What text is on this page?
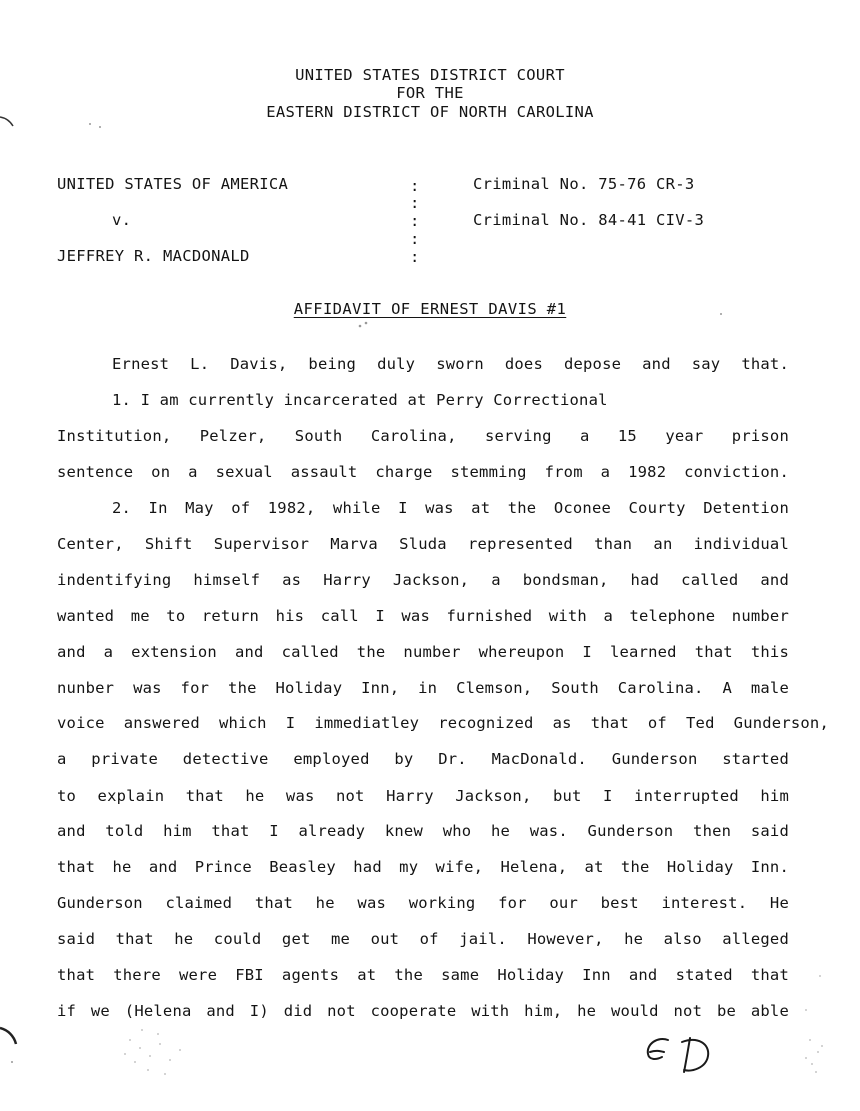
UNITED STATES DISTRICT COURT
FOR THE
EASTERN DISTRICT OF NORTH CAROLINA
UNITED STATES OF AMERICA
v.
JEFFREY R. MACDONALD
:
:
:
:
:
Criminal No. 75-76 CR-3
Criminal No. 84-41 CIV-3
AFFIDAVIT OF ERNEST DAVIS #1
Ernest L. Davis, being duly sworn does depose and say that.
1. I am currently incarcerated at Perry Correctional
Institution, Pelzer, South Carolina, serving a 15 year prison
sentence on a sexual assault charge stemming from a 1982 conviction.
2. In May of 1982, while I was at the Oconee Courty Detention
Center, Shift Supervisor Marva Sluda represented than an individual
indentifying himself as Harry Jackson, a bondsman, had called and
wanted me to return his call I was furnished with a telephone number
and a extension and called the number whereupon I learned that this
nunber was for the Holiday Inn, in Clemson, South Carolina. A male
voice answered which I immediatley recognized as that of Ted Gunderson,
a private detective employed by Dr. MacDonald. Gunderson started
to explain that he was not Harry Jackson, but I interrupted him
and told him that I already knew who he was. Gunderson then said
that he and Prince Beasley had my wife, Helena, at the Holiday Inn.
Gunderson claimed that he was working for our best interest. He
said that he could get me out of jail. However, he also alleged
that there were FBI agents at the same Holiday Inn and stated that
if we (Helena and I) did not cooperate with him, he would not be able
